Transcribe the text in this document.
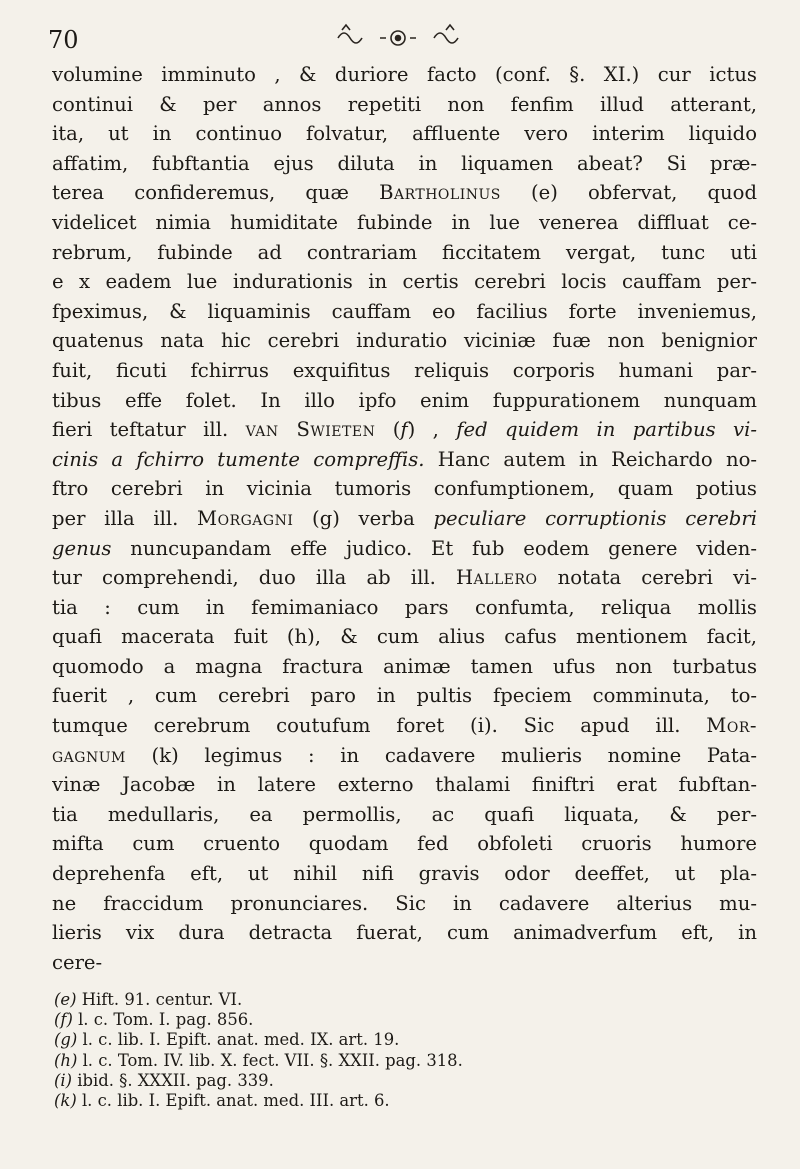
70
volumine imminuto , & duriore facto (conf. §. XI.) cur ictus
continui & per annos repetiti non fenfim illud atterant,
ita, ut in continuo folvatur, affluente vero interim liquido
affatim, fubftantia ejus diluta in liquamen abeat? Si præ-
terea confideremus, quæ Bartholinus (e) obfervat, quod
videlicet nimia humiditate fubinde in lue venerea diffluat ce-
rebrum, fubinde ad contrariam ficcitatem vergat, tunc uti
e x eadem lue indurationis in certis cerebri locis cauffam per-
fpeximus, & liquaminis cauffam eo facilius forte inveniemus,
quatenus nata hic cerebri induratio viciniæ fuæ non benignior
fuit, ficuti fchirrus exquifitus reliquis corporis humani par-
tibus effe folet. In illo ipfo enim fuppurationem nunquam
fieri teftatur ill. van Swieten (f) , fed quidem in partibus vi-
cinis a fchirro tumente compreffis. Hanc autem in Reichardo no-
ftro cerebri in vicinia tumoris confumptionem, quam potius
per illa ill. Morgagni (g) verba peculiare corruptionis cerebri
genus nuncupandam effe judico. Et fub eodem genere viden-
tur comprehendi, duo illa ab ill. Hallero notata cerebri vi-
tia : cum in femimaniaco pars confumta, reliqua mollis
quafi macerata fuit (h), & cum alius cafus mentionem facit,
quomodo a magna fractura animæ tamen ufus non turbatus
fuerit , cum cerebri paro in pultis fpeciem comminuta, to-
tumque cerebrum coutufum foret (i). Sic apud ill. Mor-
gagnum (k) legimus : in cadavere mulieris nomine Pata-
vinæ Jacobæ in latere externo thalami finiftri erat fubftan-
tia medullaris, ea permollis, ac quafi liquata, & per-
mifta cum cruento quodam fed obfoleti cruoris humore
deprehenfa eft, ut nihil nifi gravis odor deeffet, ut pla-
ne fraccidum pronunciares. Sic in cadavere alterius mu-
lieris vix dura detracta fuerat, cum animadverfum eft, in
cere-
(e) Hift. 91. centur. VI.
(f) l. c. Tom. I. pag. 856.
(g) l. c. lib. I. Epift. anat. med. IX. art. 19.
(h) l. c. Tom. IV. lib. X. fect. VII. §. XXII. pag. 318.
(i) ibid. §. XXXII. pag. 339.
(k) l. c. lib. I. Epift. anat. med. III. art. 6.
